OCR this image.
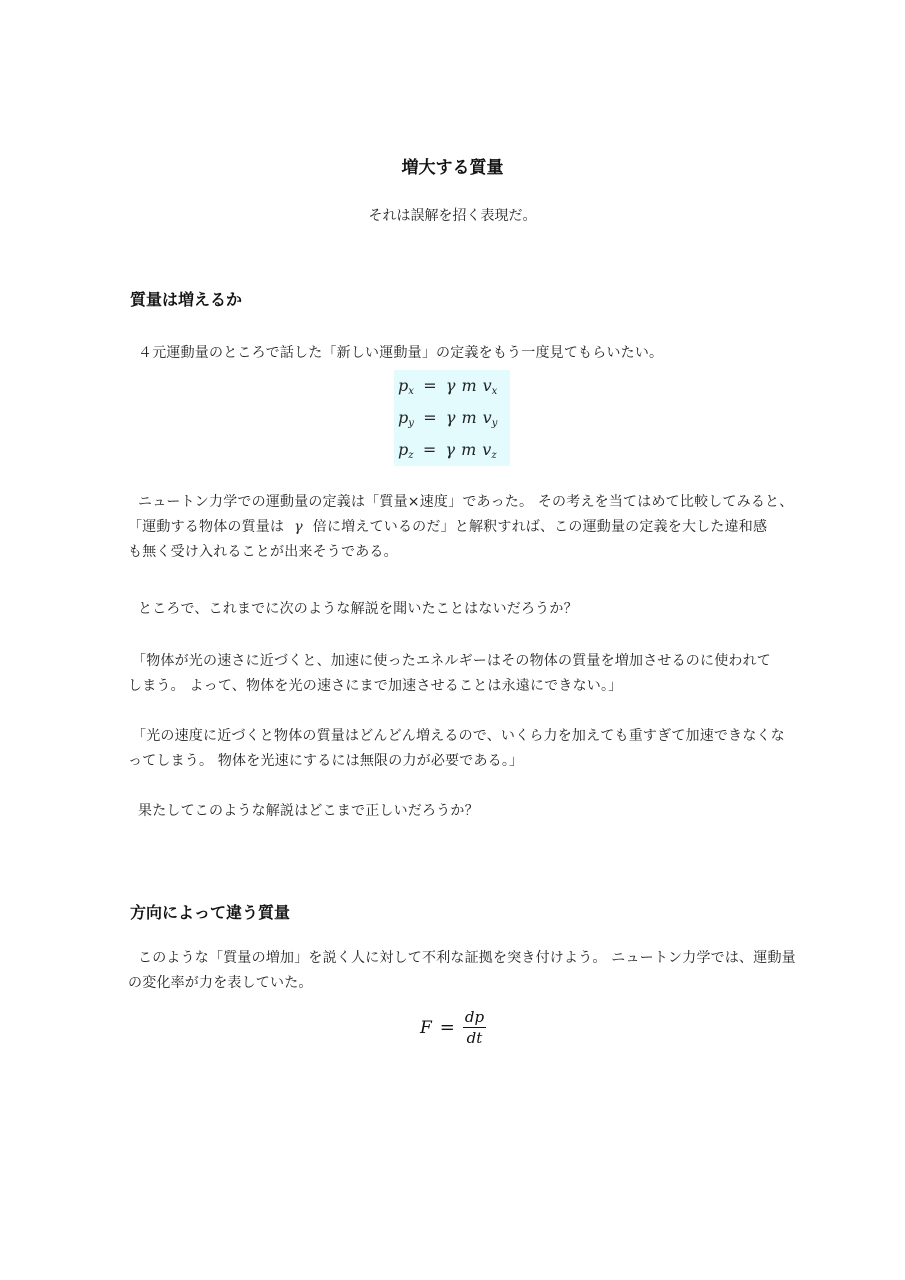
増大する質量
それは誤解を招く表現だ。
質量は増えるか
４元運動量のところで話した「新しい運動量」の定義をもう一度見てもらいたい。
$p_x = \gamma$ m $v_x$
$p_y = \gamma$ m $v_y$
$p_z = \gamma$ m $v_z$
ニュートン力学での運動量の定義は「質量×速度」であった。 その考えを当てはめて比較してみると、
「運動する物体の質量は γ 倍に増えているのだ」と解釈すれば、この運動量の定義を大した違和感
も無く受け入れることが出来そうである。
ところで、これまでに次のような解説を聞いたことはないだろうか？
「物体が光の速さに近づくと、加速に使ったエネルギーはその物体の質量を増加させるのに使われて
しまう。 よって、物体を光の速さにまで加速させることは永遠にできない。」
「光の速度に近づくと物体の質量はどんどん増えるので、いくら力を加えても重すぎて加速できなくな
ってしまう。 物体を光速にするには無限の力が必要である。」
果たしてこのような解説はどこまで正しいだろうか？
方向によって違う質量
このような「質量の増加」を説く人に対して不利な証拠を突き付けよう。 ニュートン力学では、運動量
の変化率が力を表していた。
$F = \frac{dp}{dt}$
